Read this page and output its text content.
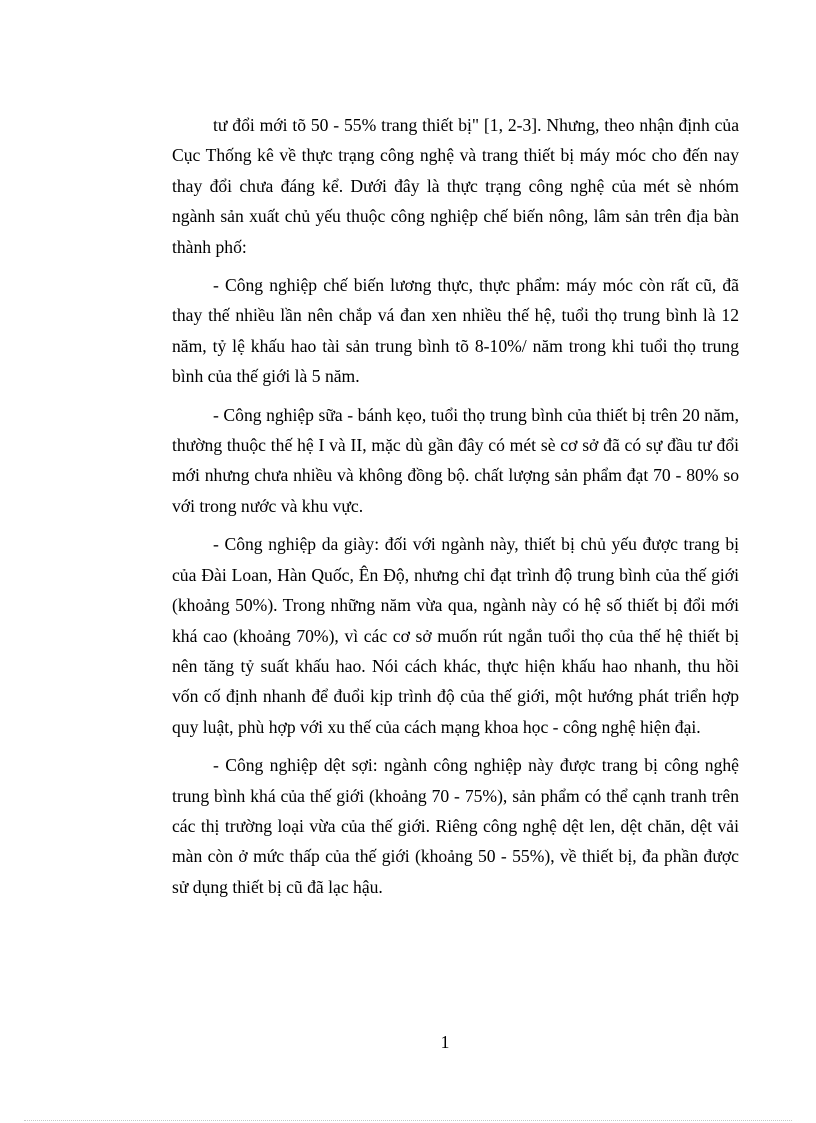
tư đổi mới tõ 50 - 55% trang thiết bị" [1, 2-3]. Nhưng, theo nhận định của Cục Thống kê về thực trạng công nghệ và trang thiết bị máy móc cho đến nay thay đổi chưa đáng kể. Dưới đây là thực trạng công nghệ của mét sè nhóm ngành sản xuất chủ yếu thuộc công nghiệp chế biến nông, lâm sản trên địa bàn thành phố:

- Công nghiệp chế biến lương thực, thực phẩm: máy móc còn rất cũ, đã thay thế nhiều lần nên chắp vá đan xen nhiều thế hệ, tuổi thọ trung bình là 12 năm, tỷ lệ khấu hao tài sản trung bình tõ 8-10%/ năm trong khi tuổi thọ trung bình của thế giới là 5 năm.

- Công nghiệp sữa - bánh kẹo, tuổi thọ trung bình của thiết bị trên 20 năm, thường thuộc thế hệ I và II, mặc dù gần đây có mét sè cơ sở đã có sự đầu tư đổi mới nhưng chưa nhiều và không đồng bộ. chất lượng sản phẩm đạt 70 - 80% so với trong nước và khu vực.

- Công nghiệp da giày: đối với ngành này, thiết bị chủ yếu được trang bị của Đài Loan, Hàn Quốc, Ên Độ, nhưng chỉ đạt trình độ trung bình của thế giới (khoảng 50%). Trong những năm vừa qua, ngành này có hệ số thiết bị đổi mới khá cao (khoảng 70%), vì các cơ sở muốn rút ngắn tuổi thọ của thế hệ thiết bị nên tăng tỷ suất khấu hao. Nói cách khác, thực hiện khấu hao nhanh, thu hồi vốn cố định nhanh để đuổi kịp trình độ của thế giới, một hướng phát triển hợp quy luật, phù hợp với xu thế của cách mạng khoa học - công nghệ hiện đại.

- Công nghiệp dệt sợi: ngành công nghiệp này được trang bị công nghệ trung bình khá của thế giới (khoảng 70 - 75%), sản phẩm có thể cạnh tranh trên các thị trường loại vừa của thế giới. Riêng công nghệ dệt len, dệt chăn, dệt vải màn còn ở mức thấp của thế giới (khoảng 50 - 55%), về thiết bị, đa phần được sử dụng thiết bị cũ đã lạc hậu.

1
